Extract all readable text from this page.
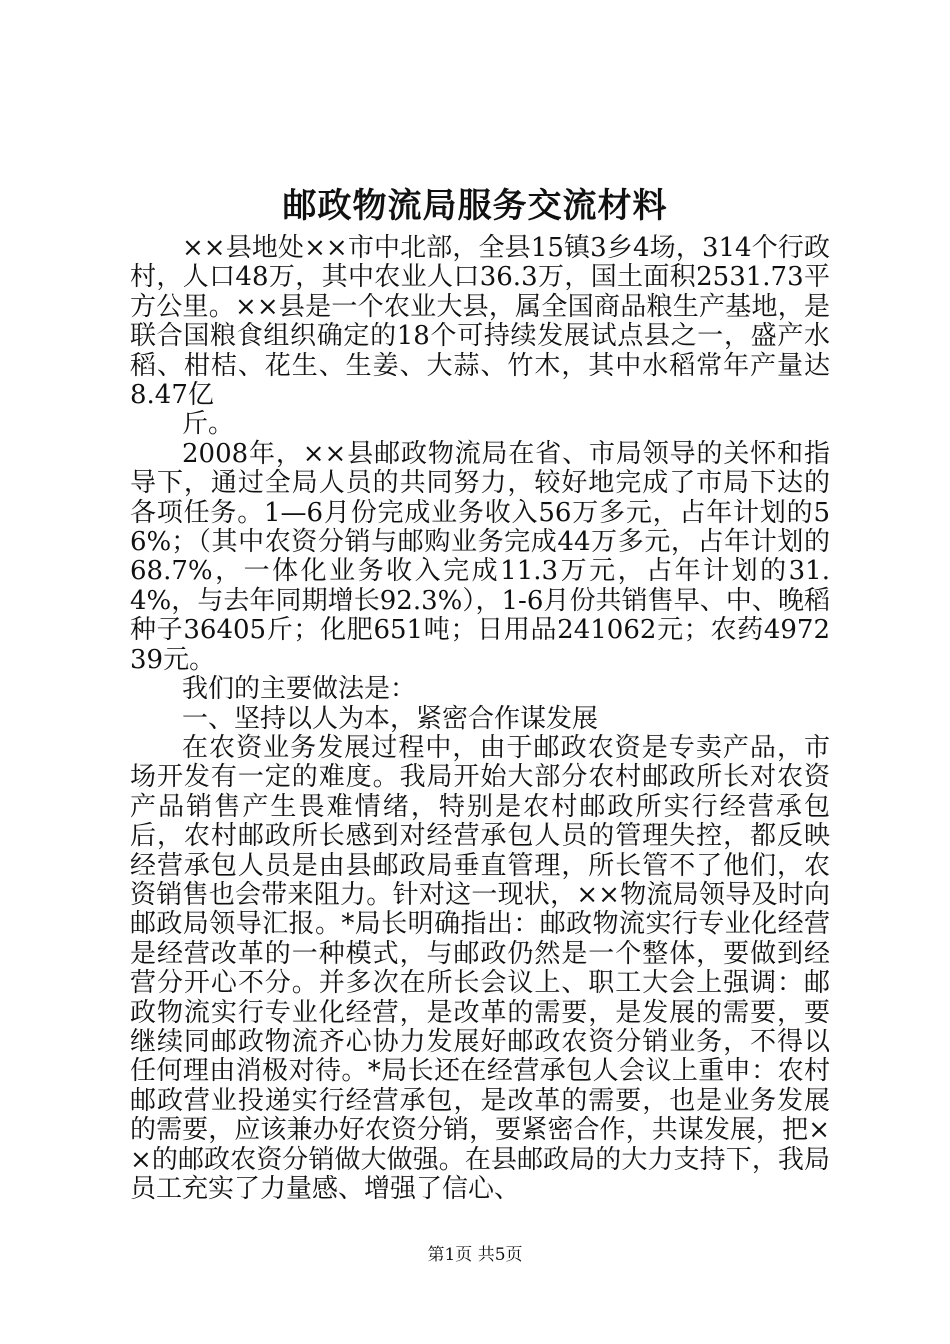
邮政物流局服务交流材料

××县地处××市中北部，全县15镇3乡4场，314个行政村，人口48万，其中农业人口36.3万，国土面积2531.73平方公里。××县是一个农业大县，属全国商品粮生产基地，是联合国粮食组织确定的18个可持续发展试点县之一，盛产水稻、柑桔、花生、生姜、大蒜、竹木，其中水稻常年产量达8.47亿

斤。

2008年，××县邮政物流局在省、市局领导的关怀和指导下，通过全局人员的共同努力，较好地完成了市局下达的各项任务。1—6月份完成业务收入56万多元，占年计划的56%；（其中农资分销与邮购业务完成44万多元，占年计划的68.7%，一体化业务收入完成11.3万元，占年计划的31.4%，与去年同期增长92.3%），1-6月份共销售早、中、晚稻种子36405斤；化肥651吨；日用品241062元；农药497239元。

我们的主要做法是：

一、坚持以人为本，紧密合作谋发展

在农资业务发展过程中，由于邮政农资是专卖产品，市场开发有一定的难度。我局开始大部分农村邮政所长对农资产品销售产生畏难情绪，特别是农村邮政所实行经营承包后，农村邮政所长感到对经营承包人员的管理失控，都反映经营承包人员是由县邮政局垂直管理，所长管不了他们，农资销售也会带来阻力。针对这一现状，××物流局领导及时向邮政局领导汇报。*局长明确指出：邮政物流实行专业化经营是经营改革的一种模式，与邮政仍然是一个整体，要做到经营分开心不分。并多次在所长会议上、职工大会上强调：邮政物流实行专业化经营，是改革的需要，是发展的需要，要继续同邮政物流齐心协力发展好邮政农资分销业务，不得以任何理由消极对待。*局长还在经营承包人会议上重申：农村邮政营业投递实行经营承包，是改革的需要，也是业务发展的需要，应该兼办好农资分销，要紧密合作，共谋发展，把××的邮政农资分销做大做强。在县邮政局的大力支持下，我局员工充实了力量感、增强了信心、

第1页 共5页
